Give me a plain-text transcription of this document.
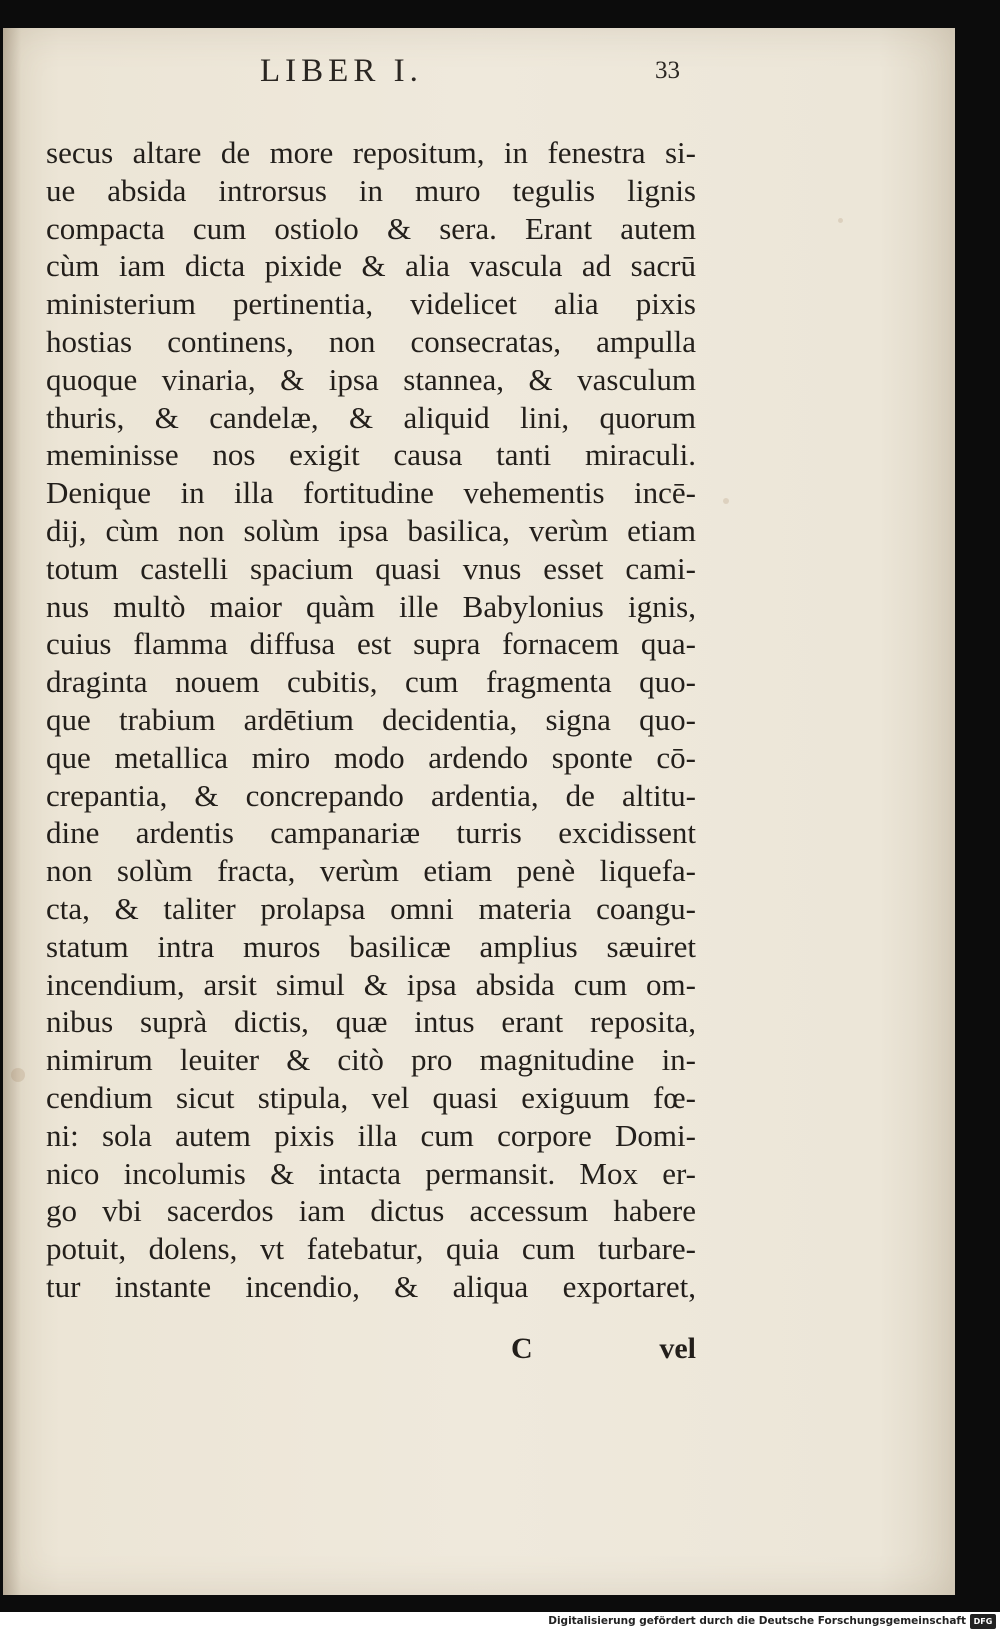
LIBER I.	33
secus altare de more repositum, in fenestra si-
ue absida introrsus in muro tegulis lignis
compacta cum ostiolo & sera. Erant autem
cùm iam dicta pixide & alia vascula ad sacrū
ministerium pertinentia, videlicet alia pixis
hostias continens, non consecratas, ampulla
quoque vinaria, & ipsa stannea, & vasculum
thuris, & candelæ, & aliquid lini, quorum
meminisse nos exigit causa tanti miraculi.
Denique in illa fortitudine vehementis incē-
dij, cùm non solùm ipsa basilica, verùm etiam
totum castelli spacium quasi vnus esset cami-
nus multò maior quàm ille Babylonius ignis,
cuius flamma diffusa est supra fornacem qua-
draginta nouem cubitis, cum fragmenta quo-
que trabium ardētium decidentia, signa quo-
que metallica miro modo ardendo sponte cō-
crepantia, & concrepando ardentia, de altitu-
dine ardentis campanariæ turris excidissent
non solùm fracta, verùm etiam penè liquefa-
cta, & taliter prolapsa omni materia coangu-
statum intra muros basilicæ amplius sæuiret
incendium, arsit simul & ipsa absida cum om-
nibus suprà dictis, quæ intus erant reposita,
nimirum leuiter & citò pro magnitudine in-
cendium sicut stipula, vel quasi exiguum fœ-
ni: sola autem pixis illa cum corpore Domi-
nico incolumis & intacta permansit. Mox er-
go vbi sacerdos iam dictus accessum habere
potuit, dolens, vt fatebatur, quia cum turbare-
tur instante incendio, & aliqua exportaret,
C	vel
Digitalisierung gefördert durch die Deutsche Forschungsgemeinschaft DFG
